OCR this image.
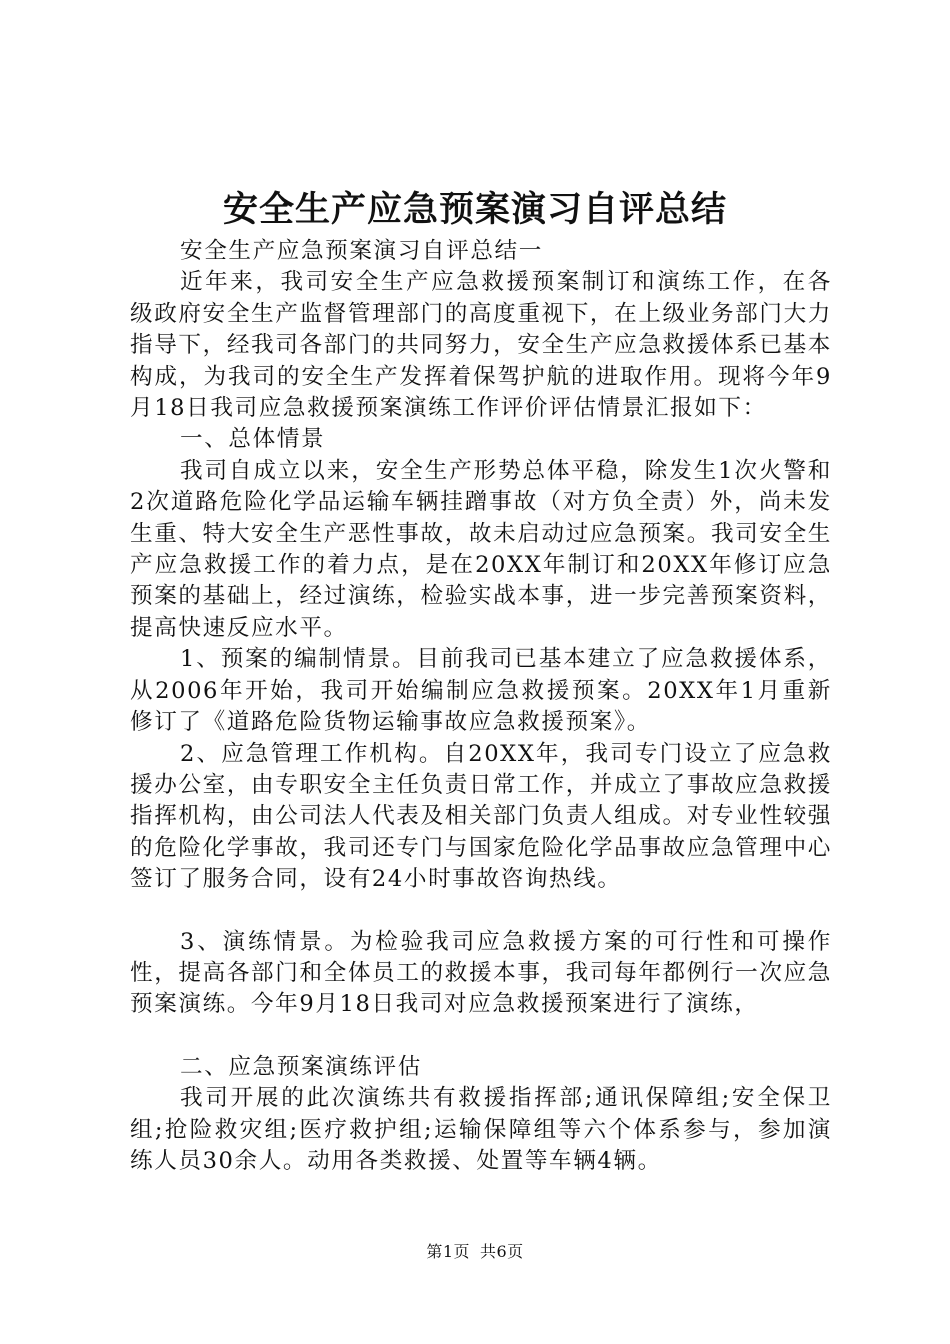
安全生产应急预案演习自评总结

安全生产应急预案演习自评总结一

近年来，我司安全生产应急救援预案制订和演练工作，在各级政府安全生产监督管理部门的高度重视下，在上级业务部门大力指导下，经我司各部门的共同努力，安全生产应急救援体系已基本构成，为我司的安全生产发挥着保驾护航的进取作用。现将今年9月18日我司应急救援预案演练工作评价评估情景汇报如下：

一、总体情景

我司自成立以来，安全生产形势总体平稳，除发生1次火警和2次道路危险化学品运输车辆挂蹭事故（对方负全责）外，尚未发生重、特大安全生产恶性事故，故未启动过应急预案。我司安全生产应急救援工作的着力点，是在20XX年制订和20XX年修订应急预案的基础上，经过演练，检验实战本事，进一步完善预案资料，提高快速反应水平。

1、预案的编制情景。目前我司已基本建立了应急救援体系，从2006年开始，我司开始编制应急救援预案。20XX年1月重新修订了《道路危险货物运输事故应急救援预案》。

2、应急管理工作机构。自20XX年，我司专门设立了应急救援办公室，由专职安全主任负责日常工作，并成立了事故应急救援指挥机构，由公司法人代表及相关部门负责人组成。对专业性较强的危险化学事故，我司还专门与国家危险化学品事故应急管理中心签订了服务合同，设有24小时事故咨询热线。

3、演练情景。为检验我司应急救援方案的可行性和可操作性，提高各部门和全体员工的救援本事，我司每年都例行一次应急预案演练。今年9月18日我司对应急救援预案进行了演练，

二、应急预案演练评估

我司开展的此次演练共有救援指挥部;通讯保障组;安全保卫组;抢险救灾组;医疗救护组;运输保障组等六个体系参与，参加演练人员30余人。动用各类救援、处置等车辆4辆。

第1页 共6页
